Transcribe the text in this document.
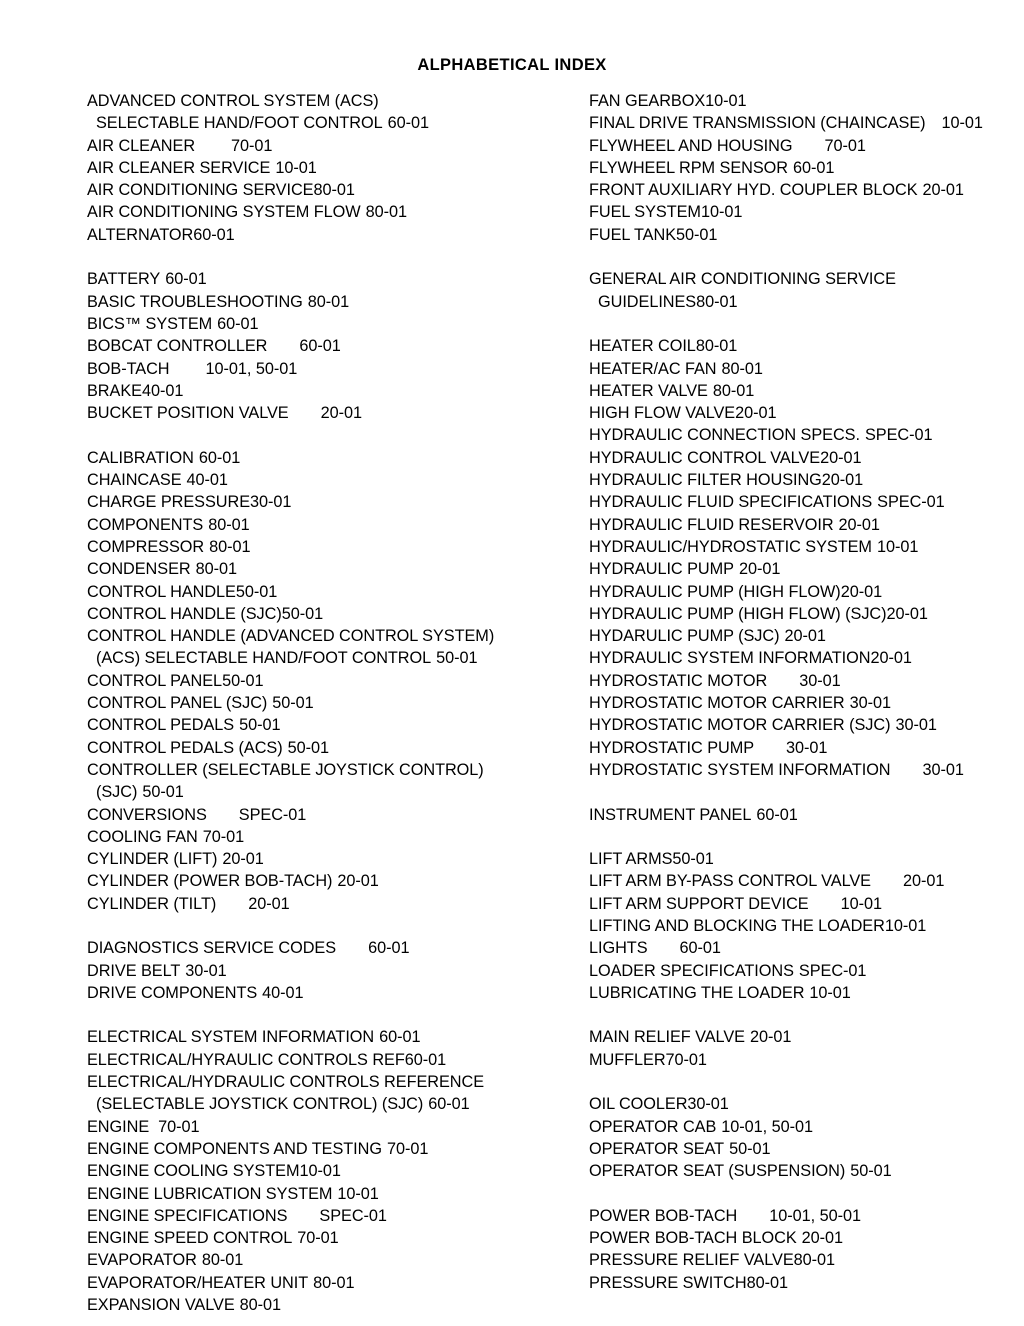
ALPHABETICAL INDEX
ADVANCED CONTROL SYSTEM (ACS)
SELECTABLE HAND/FOOT CONTROL 60-01
AIR CLEANER 70-01
AIR CLEANER SERVICE 10-01
AIR CONDITIONING SERVICE 80-01
AIR CONDITIONING SYSTEM FLOW 80-01
ALTERNATOR 60-01
BATTERY 60-01
BASIC TROUBLESHOOTING 80-01
BICS™ SYSTEM 60-01
BOBCAT CONTROLLER 60-01
BOB-TACH 10-01, 50-01
BRAKE 40-01
BUCKET POSITION VALVE 20-01
CALIBRATION 60-01
CHAINCASE 40-01
CHARGE PRESSURE 30-01
COMPONENTS 80-01
COMPRESSOR 80-01
CONDENSER 80-01
CONTROL HANDLE 50-01
CONTROL HANDLE (SJC) 50-01
CONTROL HANDLE (ADVANCED CONTROL SYSTEM)
(ACS) SELECTABLE HAND/FOOT CONTROL 50-01
CONTROL PANEL 50-01
CONTROL PANEL (SJC) 50-01
CONTROL PEDALS 50-01
CONTROL PEDALS (ACS) 50-01
CONTROLLER (SELECTABLE JOYSTICK CONTROL)
(SJC) 50-01
CONVERSIONS SPEC-01
COOLING FAN 70-01
CYLINDER (LIFT) 20-01
CYLINDER (POWER BOB-TACH) 20-01
CYLINDER (TILT) 20-01
DIAGNOSTICS SERVICE CODES 60-01
DRIVE BELT 30-01
DRIVE COMPONENTS 40-01
ELECTRICAL SYSTEM INFORMATION 60-01
ELECTRICAL/HYRAULIC CONTROLS REF 60-01
ELECTRICAL/HYDRAULIC CONTROLS REFERENCE
(SELECTABLE JOYSTICK CONTROL) (SJC) 60-01
ENGINE 70-01
ENGINE COMPONENTS AND TESTING 70-01
ENGINE COOLING SYSTEM 10-01
ENGINE LUBRICATION SYSTEM 10-01
ENGINE SPECIFICATIONS SPEC-01
ENGINE SPEED CONTROL 70-01
EVAPORATOR 80-01
EVAPORATOR/HEATER UNIT 80-01
EXPANSION VALVE 80-01
FAN GEARBOX 10-01
FINAL DRIVE TRANSMISSION (CHAINCASE) 10-01
FLYWHEEL AND HOUSING 70-01
FLYWHEEL RPM SENSOR 60-01
FRONT AUXILIARY HYD. COUPLER BLOCK 20-01
FUEL SYSTEM 10-01
FUEL TANK 50-01
GENERAL AIR CONDITIONING SERVICE
GUIDELINES 80-01
HEATER COIL 80-01
HEATER/AC FAN 80-01
HEATER VALVE 80-01
HIGH FLOW VALVE 20-01
HYDRAULIC CONNECTION SPECS. SPEC-01
HYDRAULIC CONTROL VALVE 20-01
HYDRAULIC FILTER HOUSING 20-01
HYDRAULIC FLUID SPECIFICATIONS SPEC-01
HYDRAULIC FLUID RESERVOIR 20-01
HYDRAULIC/HYDROSTATIC SYSTEM 10-01
HYDRAULIC PUMP 20-01
HYDRAULIC PUMP (HIGH FLOW) 20-01
HYDRAULIC PUMP (HIGH FLOW) (SJC) 20-01
HYDARULIC PUMP (SJC) 20-01
HYDRAULIC SYSTEM INFORMATION 20-01
HYDROSTATIC MOTOR 30-01
HYDROSTATIC MOTOR CARRIER 30-01
HYDROSTATIC MOTOR CARRIER (SJC) 30-01
HYDROSTATIC PUMP 30-01
HYDROSTATIC SYSTEM INFORMATION 30-01
INSTRUMENT PANEL 60-01
LIFT ARMS 50-01
LIFT ARM BY-PASS CONTROL VALVE 20-01
LIFT ARM SUPPORT DEVICE 10-01
LIFTING AND BLOCKING THE LOADER 10-01
LIGHTS 60-01
LOADER SPECIFICATIONS SPEC-01
LUBRICATING THE LOADER 10-01
MAIN RELIEF VALVE 20-01
MUFFLER 70-01
OIL COOLER 30-01
OPERATOR CAB 10-01, 50-01
OPERATOR SEAT 50-01
OPERATOR SEAT (SUSPENSION) 50-01
POWER BOB-TACH 10-01, 50-01
POWER BOB-TACH BLOCK 20-01
PRESSURE RELIEF VALVE 80-01
PRESSURE SWITCH 80-01
